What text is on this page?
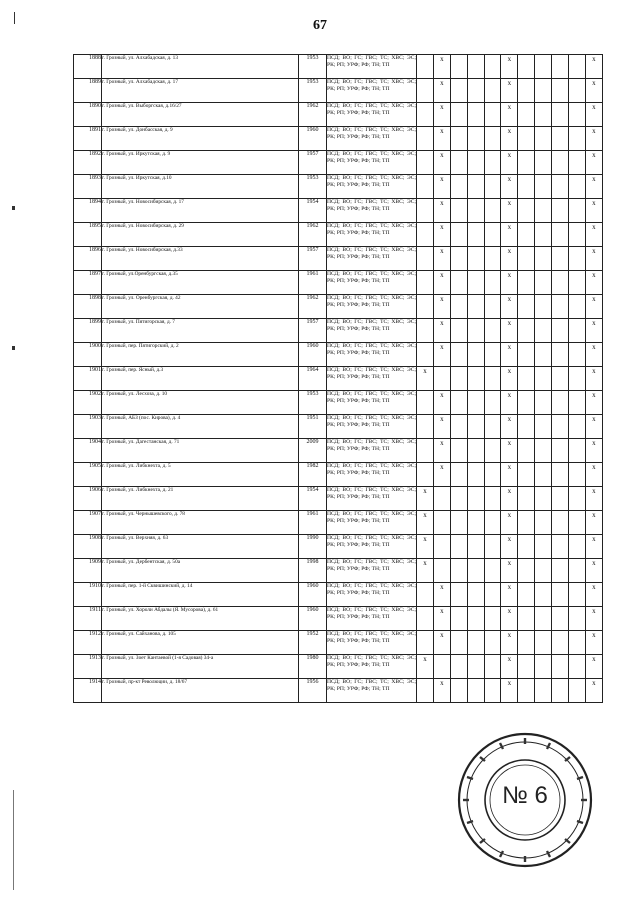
67
1888	г. Грозный, ул. Алхабадская, д. 13	1953	ПСД; ВО; ГС; ГВС; ТС; ХВС; ЭС; РК; РП; УРФ; РФ; ТН; ТП		x				x					x
1889	г. Грозный, ул. Алхабадская, д. 17	1953	ПСД; ВО; ГС; ГВС; ТС; ХВС; ЭС; РК; РП; УРФ; РФ; ТН; ТП		x				x					x
1890	г. Грозный, ул. Выборгская, д.16/27	1962	ПСД; ВО; ГС; ГВС; ТС; ХВС; ЭС; РК; РП; УРФ; РФ; ТН; ТП		x				x					x
1891	г. Грозный, ул. Донбасская, д. 9	1960	ПСД; ВО; ГС; ГВС; ТС; ХВС; ЭС; РК; РП; УРФ; РФ; ТН; ТП		x				x					x
1892	г. Грозный, ул. Иркутская, д. 9	1957	ПСД; ВО; ГС; ГВС; ТС; ХВС; ЭС; РК; РП; УРФ; РФ; ТН; ТП		x				x					x
1893	г. Грозный, ул. Иркутская, д.10	1953	ПСД; ВО; ГС; ГВС; ТС; ХВС; ЭС; РК; РП; УРФ; РФ; ТН; ТП		x				x					x
1894	г. Грозный, ул. Новосибирская, д. 17	1954	ПСД; ВО; ГС; ГВС; ТС; ХВС; ЭС; РК; РП; УРФ; РФ; ТН; ТП		x				x					x
1895	г. Грозный, ул. Новосибирская, д. 29	1962	ПСД; ВО; ГС; ГВС; ТС; ХВС; ЭС; РК; РП; УРФ; РФ; ТН; ТП		x				x					x
1896	г. Грозный, ул. Новосибирская, д.33	1957	ПСД; ВО; ГС; ГВС; ТС; ХВС; ЭС; РК; РП; УРФ; РФ; ТН; ТП		x				x					x
1897	г. Грозный, ул.Оренбургская, д.35	1961	ПСД; ВО; ГС; ГВС; ТС; ХВС; ЭС; РК; РП; УРФ; РФ; ТН; ТП		x				x					x
1898	г. Грозный, ул. Оренбургская, д. 42	1962	ПСД; ВО; ГС; ГВС; ТС; ХВС; ЭС; РК; РП; УРФ; РФ; ТН; ТП		x				x					x
1899	г. Грозный, ул. Пятигорская, д. 7	1957	ПСД; ВО; ГС; ГВС; ТС; ХВС; ЭС; РК; РП; УРФ; РФ; ТН; ТП		x				x					x
1900	г. Грозный, пер. Пятигорский, д. 2	1960	ПСД; ВО; ГС; ГВС; ТС; ХВС; ЭС; РК; РП; УРФ; РФ; ТН; ТП		x				x					x
1901	г. Грозный, пер. Ясный, д.3	1964	ПСД; ВО; ГС; ГВС; ТС; ХВС; ЭС; РК; РП; УРФ; РФ; ТН; ТП	x					x					x
1902	г. Грозный, ул. Лесхоза, д. 10	1953	ПСД; ВО; ГС; ГВС; ТС; ХВС; ЭС; РК; РП; УРФ; РФ; ТН; ТП		x				x					x
1903	г. Грозный, АБЗ (пос. Кирова), д. 4	1951	ПСД; ВО; ГС; ГВС; ТС; ХВС; ЭС; РК; РП; УРФ; РФ; ТН; ТП		x				x					x
1904	г. Грозный, ул. Дагестанская, д. 71	2009	ПСД; ВО; ГС; ГВС; ТС; ХВС; ЭС; РК; РП; УРФ; РФ; ТН; ТП		x				x					x
1905	г. Грозный, ул. Либкнехта, д. 5	1982	ПСД; ВО; ГС; ГВС; ТС; ХВС; ЭС; РК; РП; УРФ; РФ; ТН; ТП		x				x					x
1906	г. Грозный, ул. Либкнехта, д. 21	1954	ПСД; ВО; ГС; ГВС; ТС; ХВС; ЭС; РК; РП; УРФ; РФ; ТН; ТП	x					x					x
1907	г. Грозный, ул. Чернышевского, д. 78	1961	ПСД; ВО; ГС; ГВС; ТС; ХВС; ЭС; РК; РП; УРФ; РФ; ТН; ТП	x					x					x
1908	г. Грозный, ул. Верхняя, д. 63	1990	ПСД; ВО; ГС; ГВС; ТС; ХВС; ЭС; РК; РП; УРФ; РФ; ТН; ТП	x					x					x
1909	г. Грозный, ул. Дербентская, д. 50а	1998	ПСД; ВО; ГС; ГВС; ТС; ХВС; ЭС; РК; РП; УРФ; РФ; ТН; ТП	x					x					x
1910	г. Грозный, пер. 1-й Сквишинский, д. 14	1960	ПСД; ВО; ГС; ГВС; ТС; ХВС; ЭС; РК; РП; УРФ; РФ; ТН; ТП		x				x					x
1911	г. Грозный, ул. Хороли Абдалы (Я. Мусорова), д. 61	1960	ПСД; ВО; ГС; ГВС; ТС; ХВС; ЭС; РК; РП; УРФ; РФ; ТН; ТП		x				x					x
1912	г. Грозный, ул. Сайханова, д. 105	1952	ПСД; ВО; ГС; ГВС; ТС; ХВС; ЭС; РК; РП; УРФ; РФ; ТН; ТП		x				x					x
1913	г. Грозный, ул. Зоет Кантаевой (1-я Садовая) 34-а	1980	ПСД; ВО; ГС; ГВС; ТС; ХВС; ЭС; РК; РП; УРФ; РФ; ТН; ТП	x					x					x
1914	г. Грозный, пр-кт Революции, д. 18/67	1956	ПСД; ВО; ГС; ГВС; ТС; ХВС; ЭС; РК; РП; УРФ; РФ; ТН; ТП		x				x					x
№ 6
